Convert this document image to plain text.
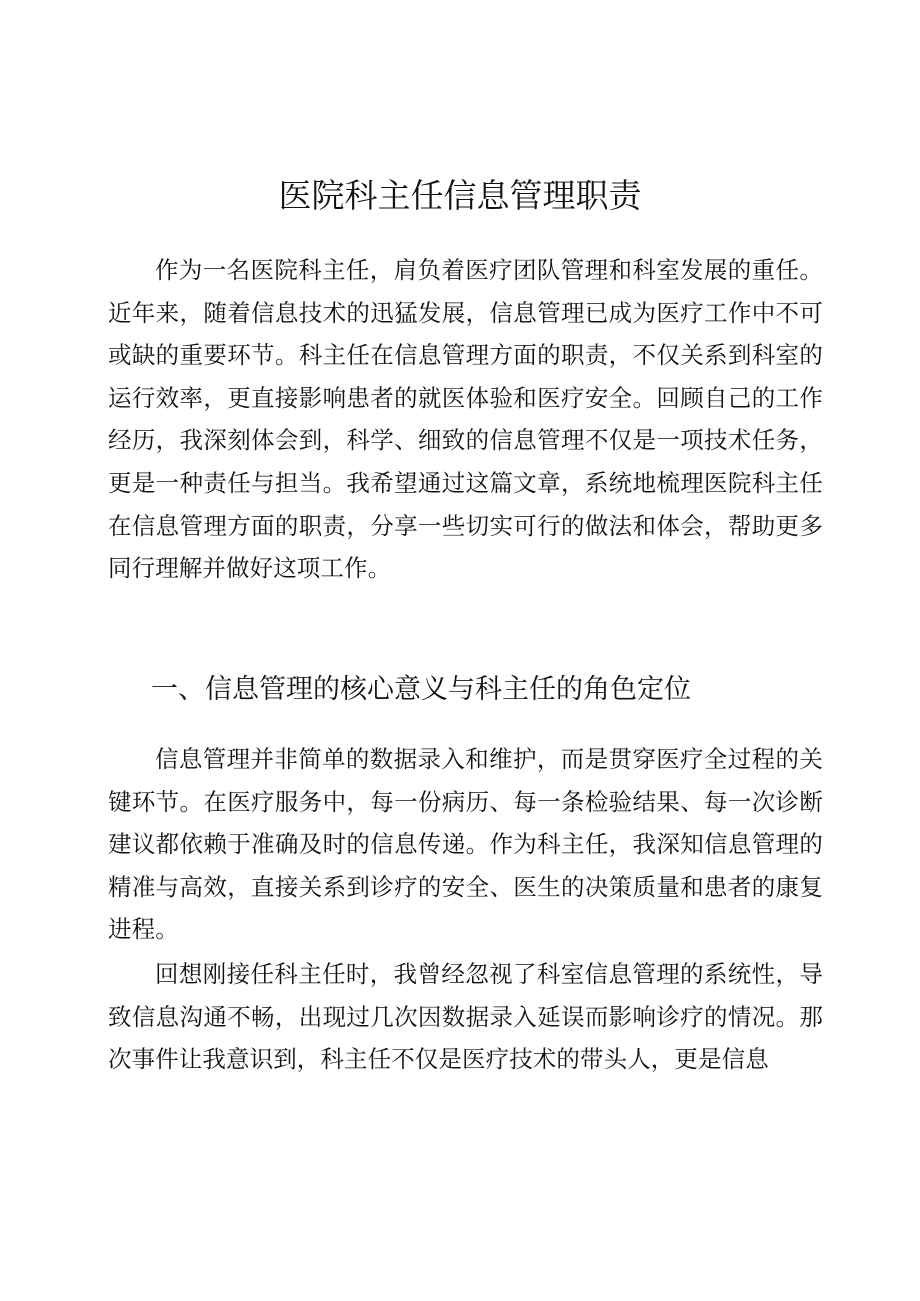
医院科主任信息管理职责

作为一名医院科主任，肩负着医疗团队管理和科室发展的重任。近年来，随着信息技术的迅猛发展，信息管理已成为医疗工作中不可或缺的重要环节。科主任在信息管理方面的职责，不仅关系到科室的运行效率，更直接影响患者的就医体验和医疗安全。回顾自己的工作经历，我深刻体会到，科学、细致的信息管理不仅是一项技术任务，更是一种责任与担当。我希望通过这篇文章，系统地梳理医院科主任在信息管理方面的职责，分享一些切实可行的做法和体会，帮助更多同行理解并做好这项工作。

一、信息管理的核心意义与科主任的角色定位

信息管理并非简单的数据录入和维护，而是贯穿医疗全过程的关键环节。在医疗服务中，每一份病历、每一条检验结果、每一次诊断建议都依赖于准确及时的信息传递。作为科主任，我深知信息管理的精准与高效，直接关系到诊疗的安全、医生的决策质量和患者的康复进程。

回想刚接任科主任时，我曾经忽视了科室信息管理的系统性，导致信息沟通不畅，出现过几次因数据录入延误而影响诊疗的情况。那次事件让我意识到，科主任不仅是医疗技术的带头人，更是信息
